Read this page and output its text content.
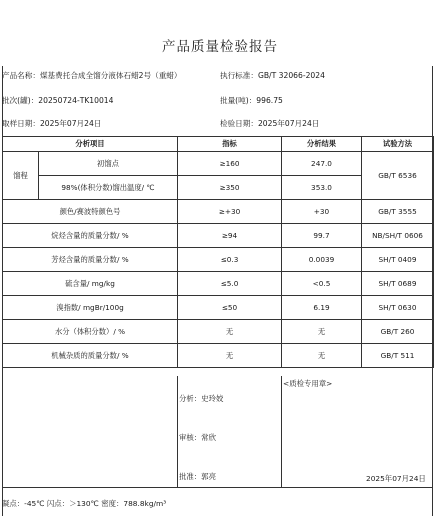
产品质量检验报告
产品名称：煤基费托合成全馏分液体石蜡2号（重蜡）	执行标准：GB/T 32066-2024
批次(罐)：20250724-TK10014	批量(吨)：996.75
取样日期：2025年07月24日	检验日期：2025年07月24日
分析项目		指标	分析结果	试验方法
馏程	初馏点	≥160	247.0	GB/T 6536
	98%(体积分数)馏出温度/ ℃	≥350	353.0	
颜色/赛波特颜色号		≥+30	+30	GB/T 3555
烷烃含量的质量分数/ %		≥94	99.7	NB/SH/T 0606
芳烃含量的质量分数/ %		≤0.3	0.0039	SH/T 0409
硫含量/ mg/kg		≤5.0	<0.5	SH/T 0689
溴指数/ mgBr/100g		≤50	6.19	SH/T 0630
水分（体积分数）/ %		无	无	GB/T 260
机械杂质的质量分数/ %		无	无	GB/T 511
分析：史玲姣
审核：常欣
批准：郭亮
<质检专用章>
2025年07月24日
凝点：-45℃ 闪点：＞130℃ 密度：788.8kg/m³
